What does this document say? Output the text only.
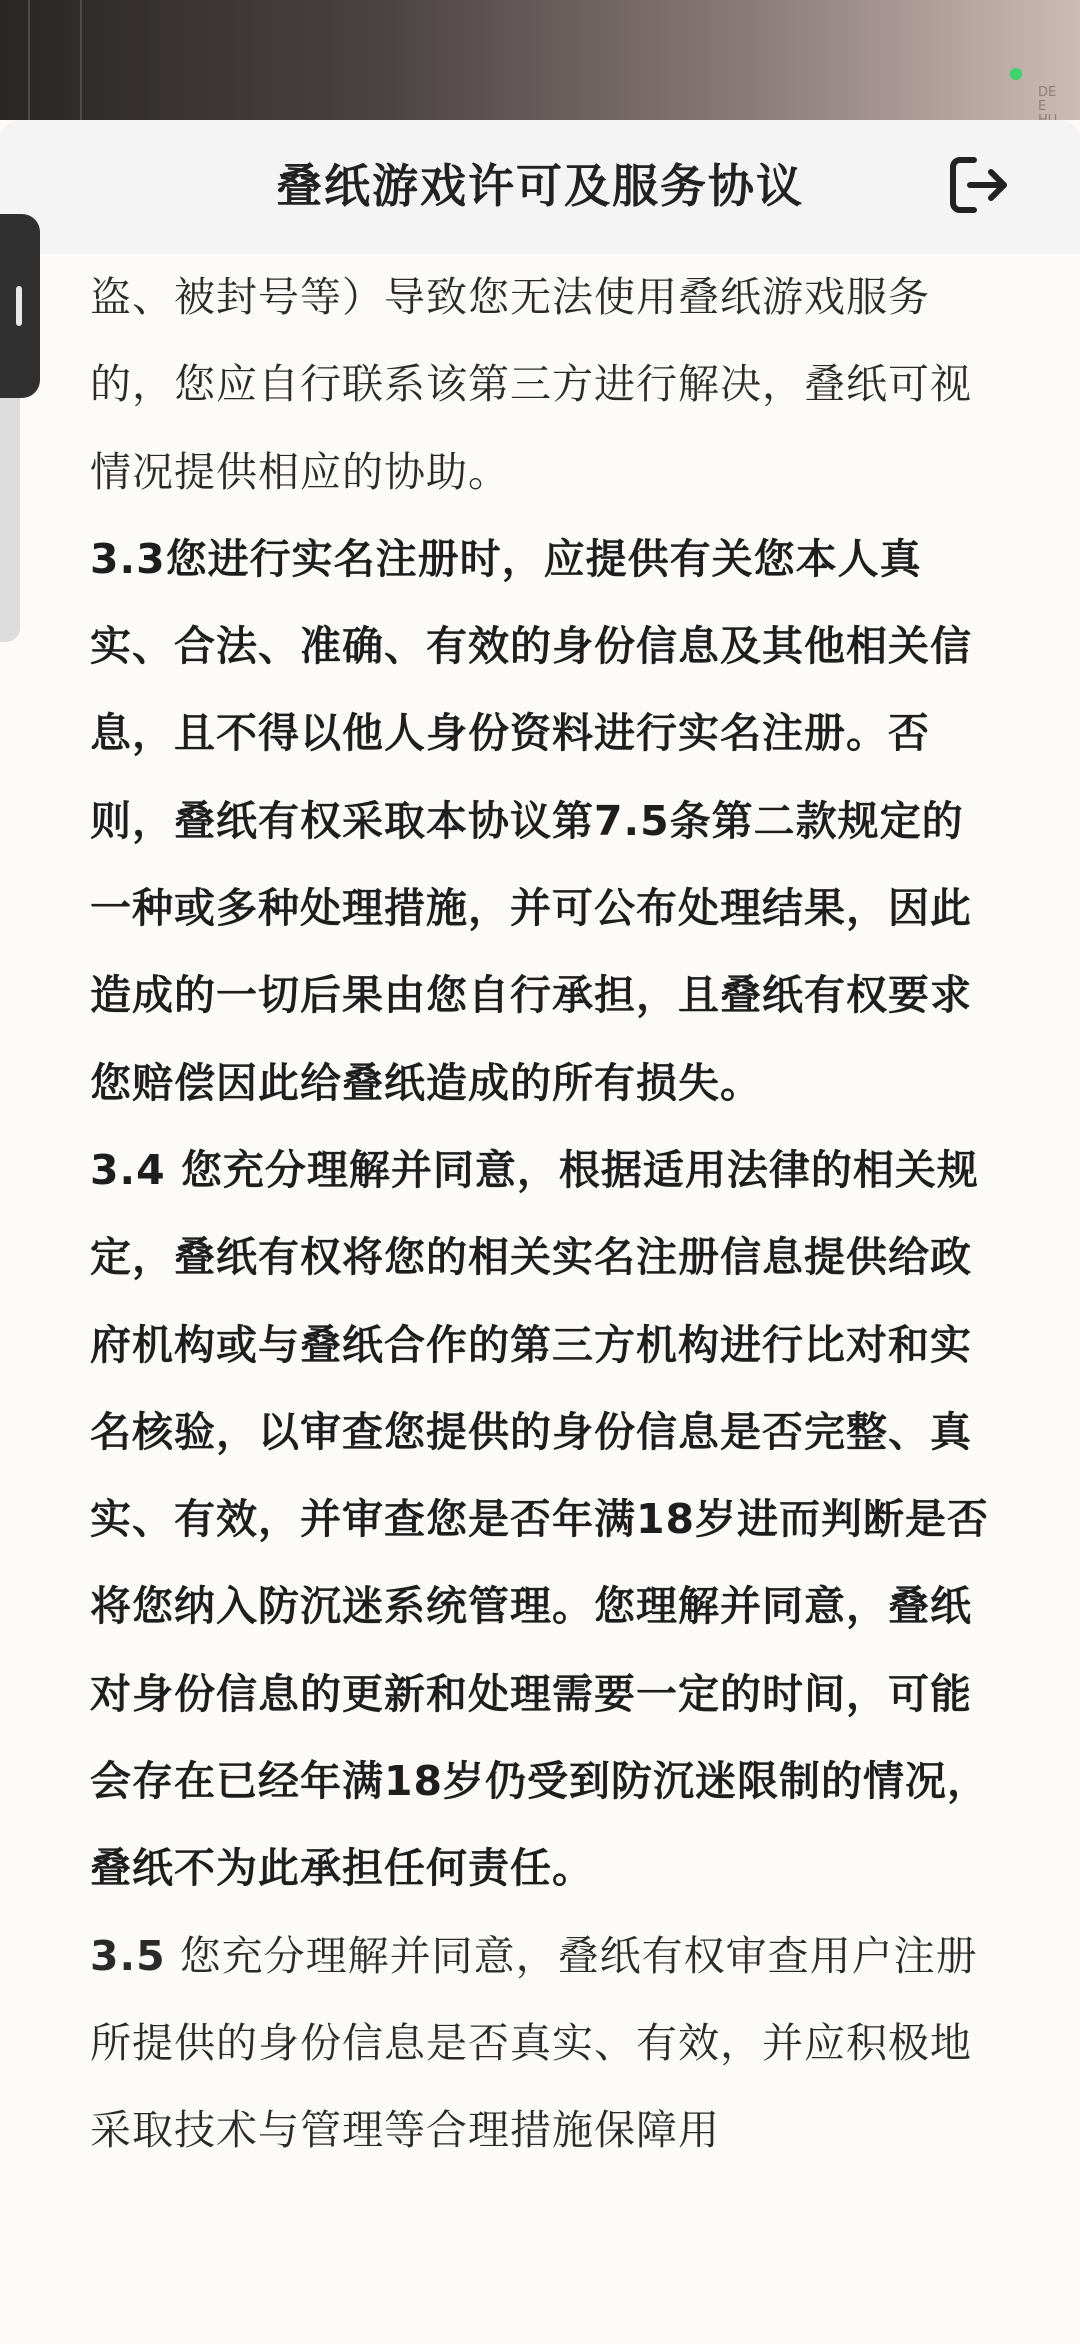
DEE
叠纸游戏许可及服务协议

盗、被封号等）导致您无法使用叠纸游戏服务的，您应自行联系该第三方进行解决，叠纸可视情况提供相应的协助。

3.3您进行实名注册时，应提供有关您本人真实、合法、准确、有效的身份信息及其他相关信息，且不得以他人身份资料进行实名注册。否则，叠纸有权采取本协议第7.5条第二款规定的一种或多种处理措施，并可公布处理结果，因此造成的一切后果由您自行承担，且叠纸有权要求您赔偿因此给叠纸造成的所有损失。

3.4 您充分理解并同意，根据适用法律的相关规定，叠纸有权将您的相关实名注册信息提供给政府机构或与叠纸合作的第三方机构进行比对和实名核验，以审查您提供的身份信息是否完整、真实、有效，并审查您是否年满18岁进而判断是否将您纳入防沉迷系统管理。您理解并同意，叠纸对身份信息的更新和处理需要一定的时间，可能会存在已经年满18岁仍受到防沉迷限制的情况，叠纸不为此承担任何责任。

3.5 您充分理解并同意，叠纸有权审查用户注册所提供的身份信息是否真实、有效，并应积极地采取技术与管理等合理措施保障用
